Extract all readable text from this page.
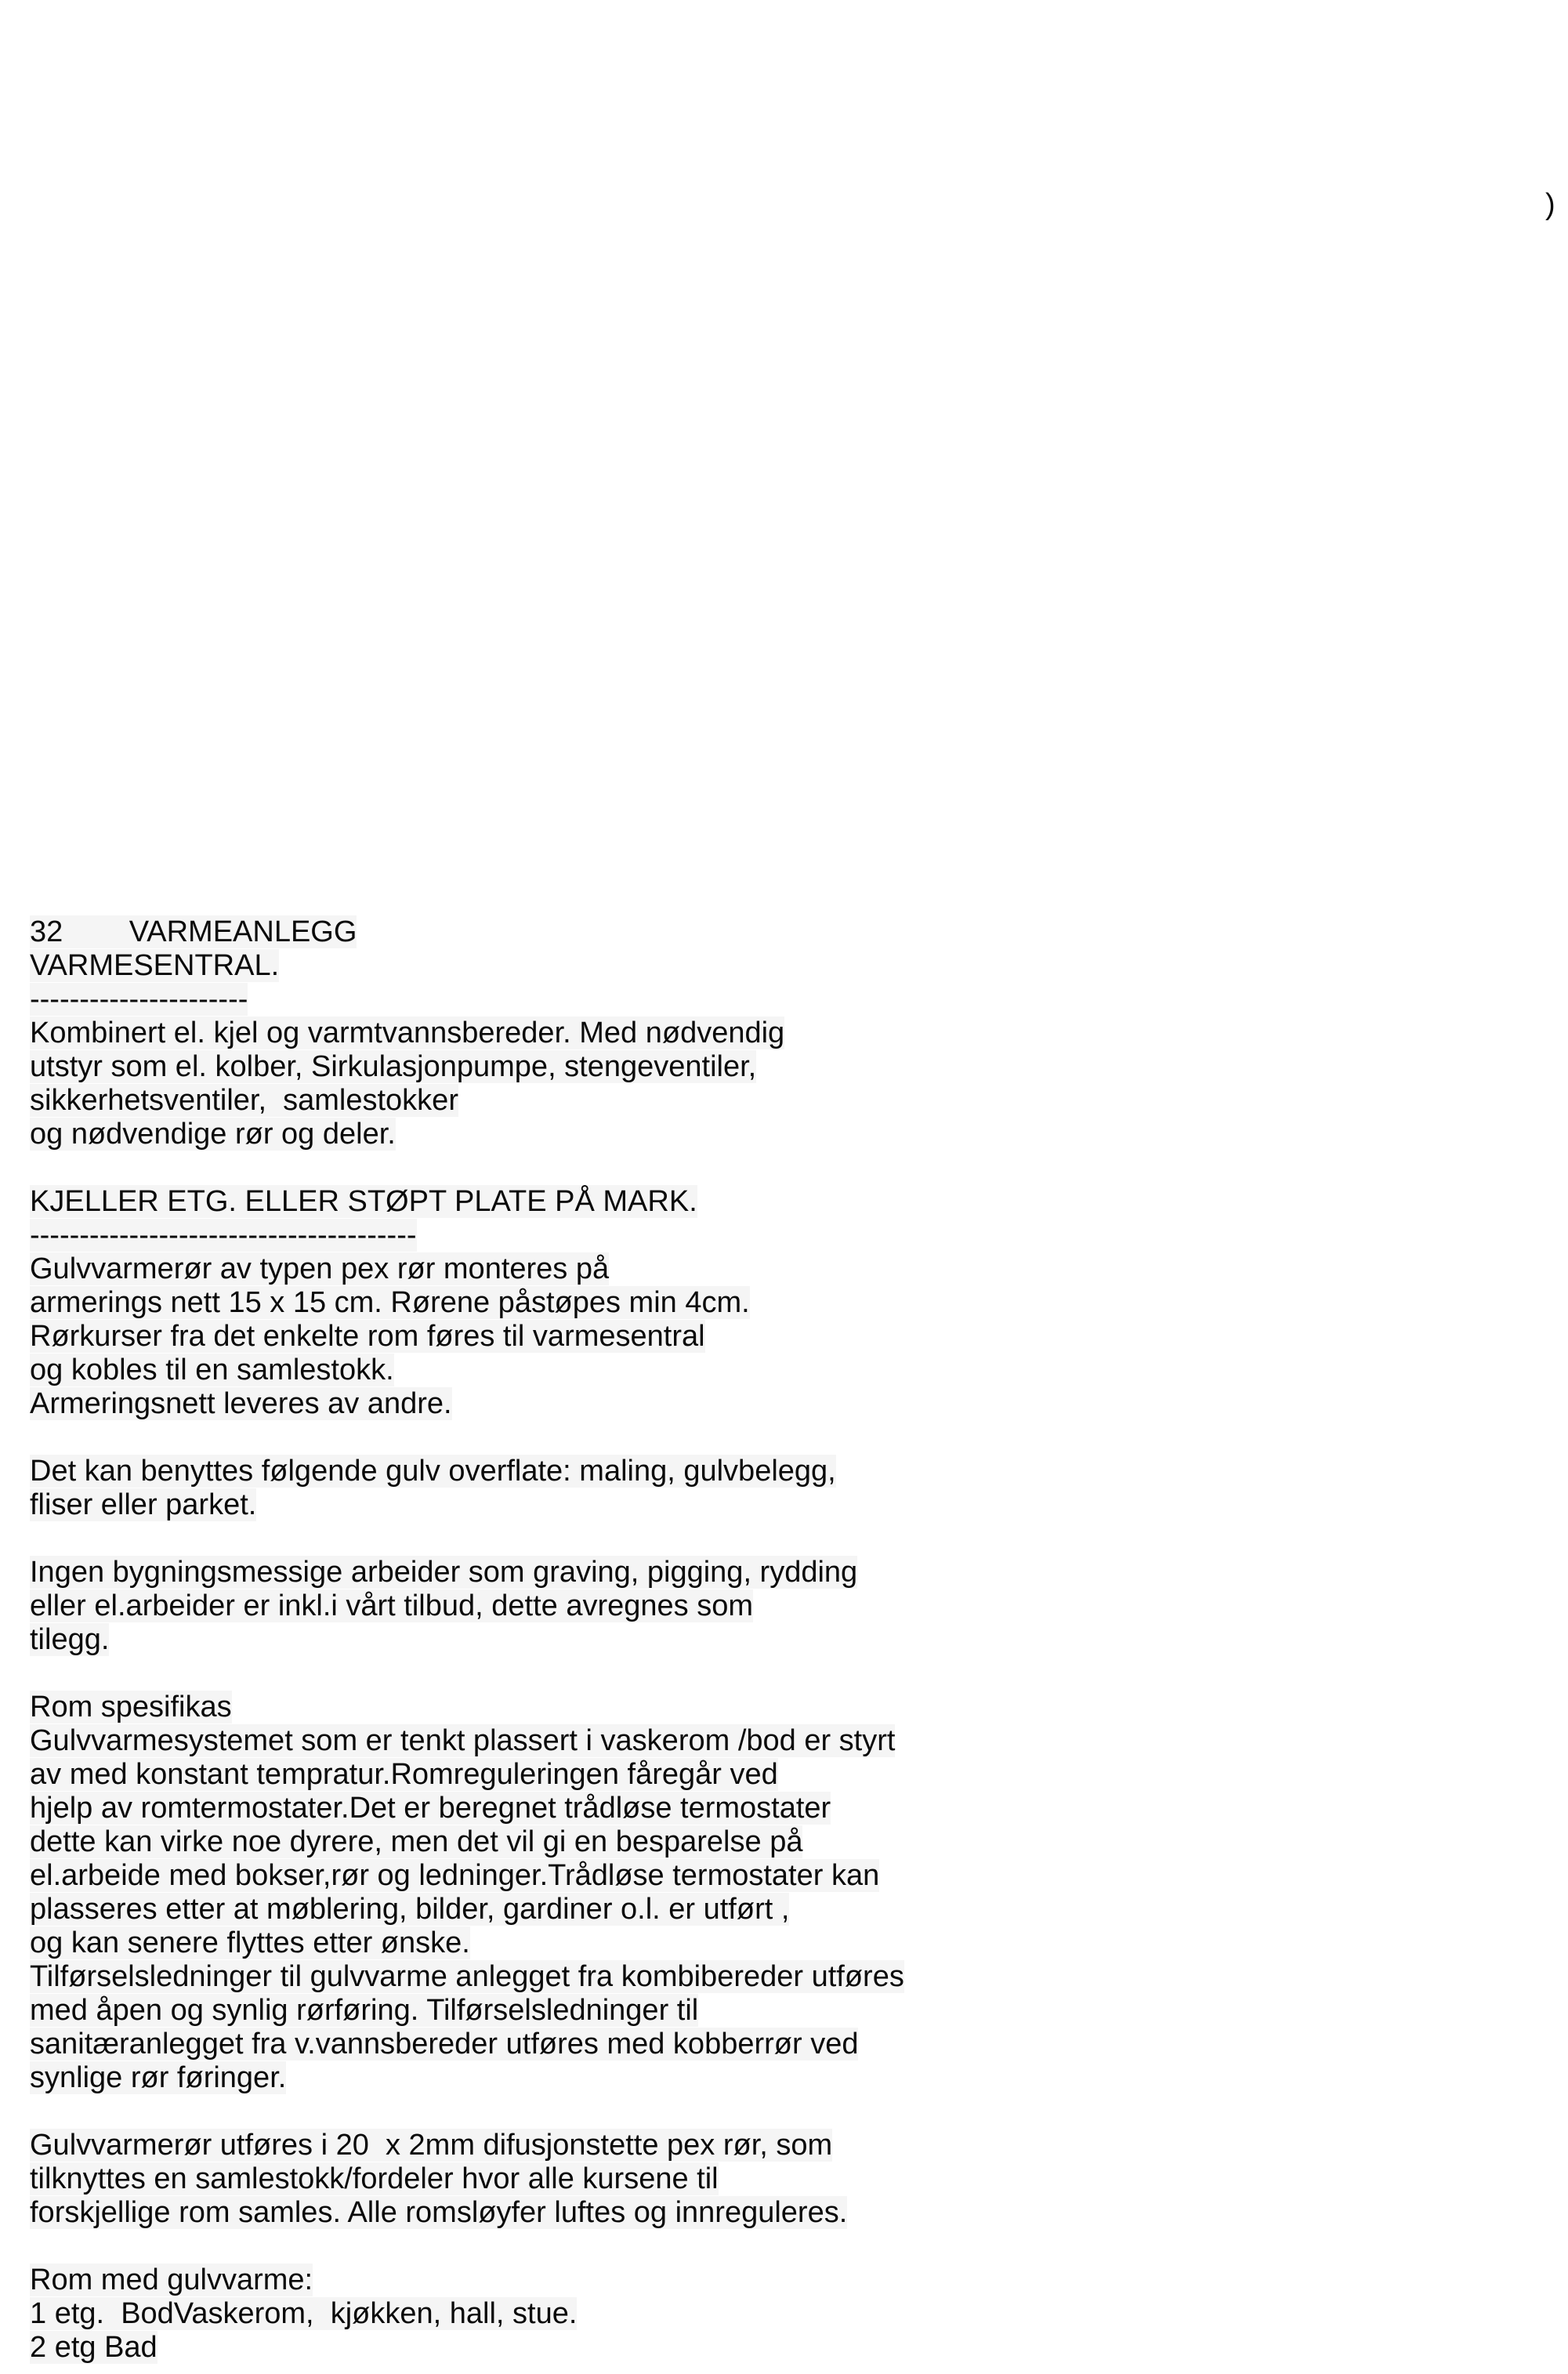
)
32        VARMEANLEGG
VARMESENTRAL.
----------------------
Kombinert el. kjel og varmtvannsbereder. Med nødvendig
utstyr som el. kolber, Sirkulasjonpumpe, stengeventiler,
sikkerhetsventiler,  samlestokker
og nødvendige rør og deler.
KJELLER ETG. ELLER STØPT PLATE PÅ MARK.
---------------------------------------
Gulvvarmerør av typen pex rør monteres på
armerings nett 15 x 15 cm. Rørene påstøpes min 4cm.
Rørkurser fra det enkelte rom føres til varmesentral
og kobles til en samlestokk.
Armeringsnett leveres av andre.
Det kan benyttes følgende gulv overflate: maling, gulvbelegg,
fliser eller parket.
Ingen bygningsmessige arbeider som graving, pigging, rydding
eller el.arbeider er inkl.i vårt tilbud, dette avregnes som
tilegg.
Rom spesifikas
Gulvvarmesystemet som er tenkt plassert i vaskerom /bod er styrt
av med konstant tempratur.Romreguleringen fåregår ved
hjelp av romtermostater.Det er beregnet trådløse termostater
dette kan virke noe dyrere, men det vil gi en besparelse på
el.arbeide med bokser,rør og ledninger.Trådløse termostater kan
plasseres etter at møblering, bilder, gardiner o.l. er utført ,
og kan senere flyttes etter ønske.
Tilførselsledninger til gulvvarme anlegget fra kombibereder utføres
med åpen og synlig rørføring. Tilførselsledninger til
sanitæranlegget fra v.vannsbereder utføres med kobberrør ved
synlige rør føringer.
Gulvvarmerør utføres i 20  x 2mm difusjonstette pex rør, som
tilknyttes en samlestokk/fordeler hvor alle kursene til
forskjellige rom samles. Alle romsløyfer luftes og innreguleres.
Rom med gulvvarme:
1 etg.  BodVaskerom,  kjøkken, hall, stue.
2 etg Bad
